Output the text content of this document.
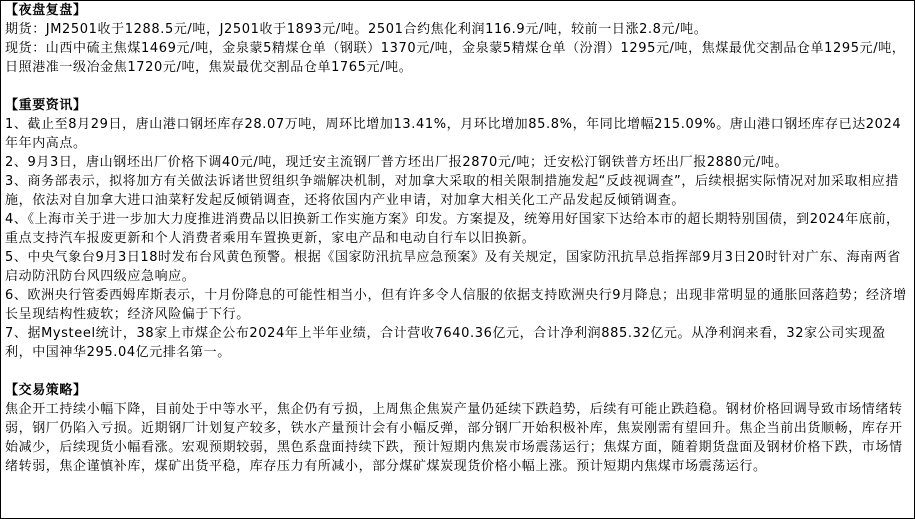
【夜盘复盘】
期货：JM2501收于1288.5元/吨，J2501收于1893元/吨。2501合约焦化利润116.9元/吨，较前一日涨2.8元/吨。
现货：山西中硫主焦煤1469元/吨，金泉蒙5精煤仓单（钢联）1370元/吨，金泉蒙5精煤仓单（汾渭）1295元/吨，焦煤最优交割品仓单1295元/吨，日照港准一级冶金焦1720元/吨，焦炭最优交割品仓单1765元/吨。
【重要资讯】
1、截止至8月29日，唐山港口钢坯库存28.07万吨，周环比增加13.41%，月环比增加85.8%，年同比增幅215.09%。唐山港口钢坯库存已达2024年年内高点。
2、9月3日，唐山钢坯出厂价格下调40元/吨，现迁安主流钢厂普方坯出厂报2870元/吨；迁安松汀钢铁普方坯出厂报2880元/吨。
3、商务部表示，拟将加方有关做法诉诸世贸组织争端解决机制，对加拿大采取的相关限制措施发起“反歧视调查”，后续根据实际情况对加采取相应措施，依法对自加拿大进口油菜籽发起反倾销调查，还将依国内产业申请，对加拿大相关化工产品发起反倾销调查。
4、《上海市关于进一步加大力度推进消费品以旧换新工作实施方案》印发。方案提及，统筹用好国家下达给本市的超长期特别国债，到2024年底前，重点支持汽车报废更新和个人消费者乘用车置换更新，家电产品和电动自行车以旧换新。
5、中央气象台9月3日18时发布台风黄色预警。根据《国家防汛抗旱应急预案》及有关规定，国家防汛抗旱总指挥部9月3日20时针对广东、海南两省启动防汛防台风四级应急响应。
6、欧洲央行管委西姆库斯表示，十月份降息的可能性相当小，但有许多令人信服的依据支持欧洲央行9月降息；出现非常明显的通胀回落趋势；经济增长呈现结构性疲软；经济风险偏于下行。
7、据Mysteel统计，38家上市煤企公布2024年上半年业绩，合计营收7640.36亿元，合计净利润885.32亿元。从净利润来看，32家公司实现盈利，中国神华295.04亿元排名第一。
【交易策略】
焦企开工持续小幅下降，目前处于中等水平，焦企仍有亏损，上周焦企焦炭产量仍延续下跌趋势，后续有可能止跌趋稳。钢材价格回调导致市场情绪转弱，钢厂仍陷入亏损。近期钢厂计划复产较多，铁水产量预计会有小幅反弹，部分钢厂开始积极补库，焦炭刚需有望回升。焦企当前出货顺畅，库存开始减少，后续现货小幅看涨。宏观预期较弱，黑色系盘面持续下跌，预计短期内焦炭市场震荡运行；焦煤方面，随着期货盘面及钢材价格下跌，市场情绪转弱，焦企谨慎补库，煤矿出货平稳，库存压力有所减小，部分煤矿煤炭现货价格小幅上涨。预计短期内焦煤市场震荡运行。
